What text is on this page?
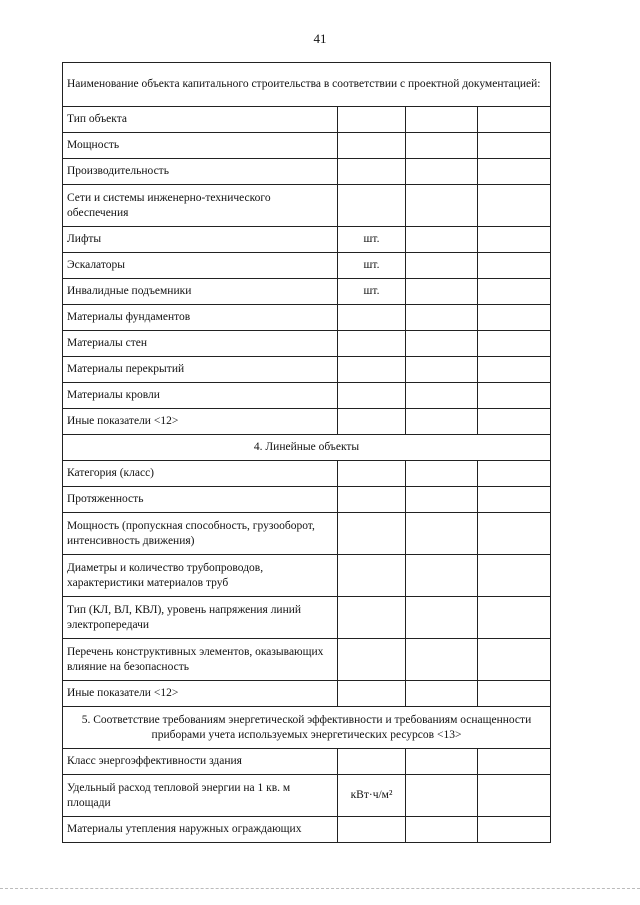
41
Наименование объекта капитального строительства в соответствии с проектной документацией:			
Тип объекта			
Мощность			
Производительность			
Сети и системы инженерно-технического обеспечения			
Лифты	шт.		
Эскалаторы	шт.		
Инвалидные подъемники	шт.		
Материалы фундаментов			
Материалы стен			
Материалы перекрытий			
Материалы кровли			
Иные показатели <12>			
4. Линейные объекты			
Категория (класс)			
Протяженность			
Мощность (пропускная способность, грузооборот, интенсивность движения)			
Диаметры и количество трубопроводов, характеристики материалов труб			
Тип (КЛ, ВЛ, КВЛ), уровень напряжения линий электропередачи			
Перечень конструктивных элементов, оказывающих влияние на безопасность			
Иные показатели <12>			
5. Соответствие требованиям энергетической эффективности и требованиям оснащенности приборами учета используемых энергетических ресурсов <13>			
Класс энергоэффективности здания			
Удельный расход тепловой энергии на 1 кв. м площади	кВт·ч/м²		
Материалы утепления наружных ограждающих			
